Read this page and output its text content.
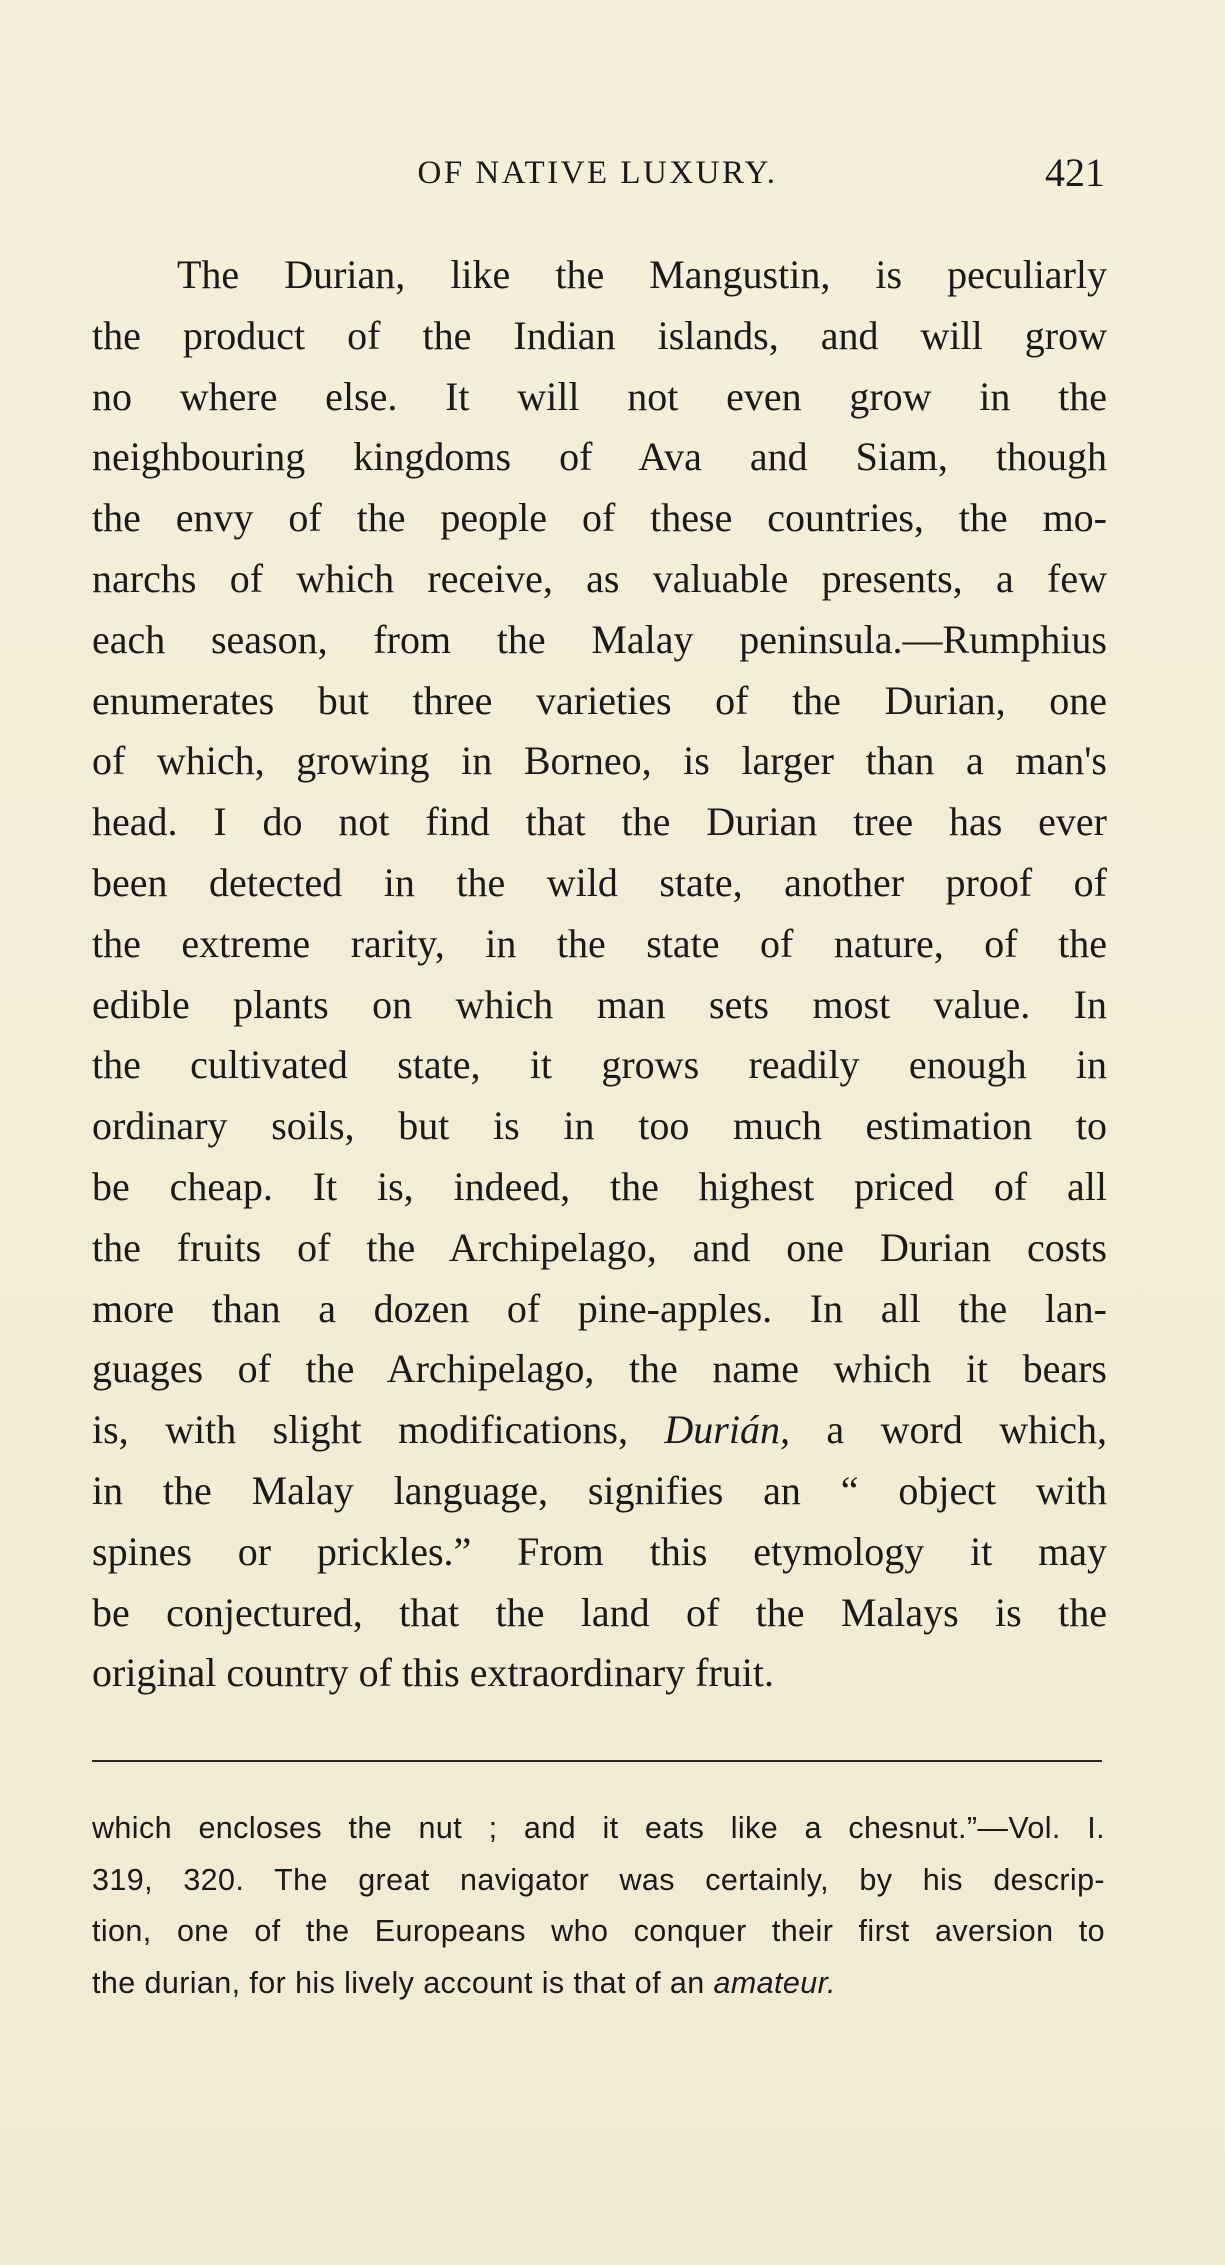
OF NATIVE LUXURY.	421
The Durian, like the Mangustin, is peculiarly
the product of the Indian islands, and will grow
no where else. It will not even grow in the
neighbouring kingdoms of Ava and Siam, though
the envy of the people of these countries, the mo-
narchs of which receive, as valuable presents, a few
each season, from the Malay peninsula.—Rumphius
enumerates but three varieties of the Durian, one
of which, growing in Borneo, is larger than a man's
head. I do not find that the Durian tree has ever
been detected in the wild state, another proof of
the extreme rarity, in the state of nature, of the
edible plants on which man sets most value. In
the cultivated state, it grows readily enough in
ordinary soils, but is in too much estimation to
be cheap. It is, indeed, the highest priced of all
the fruits of the Archipelago, and one Durian costs
more than a dozen of pine-apples. In all the lan-
guages of the Archipelago, the name which it bears
is, with slight modifications, Durián, a word which,
in the Malay language, signifies an “ object with
spines or prickles.” From this etymology it may
be conjectured, that the land of the Malays is the
original country of this extraordinary fruit.
which encloses the nut ; and it eats like a chesnut.”—Vol. I.
319, 320. The great navigator was certainly, by his descrip-
tion, one of the Europeans who conquer their first aversion to
the durian, for his lively account is that of an amateur.
